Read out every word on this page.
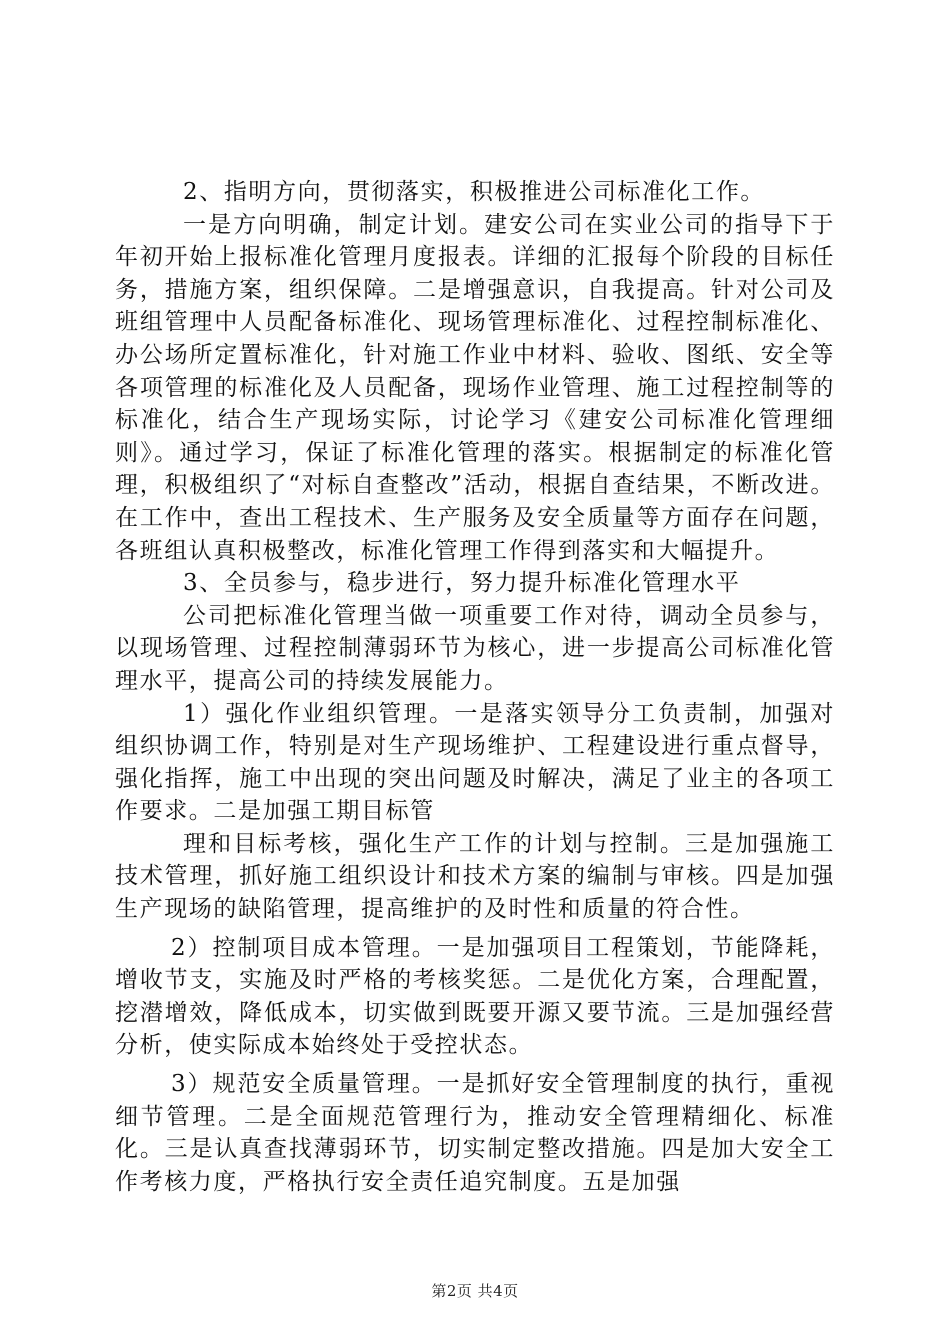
2、指明方向，贯彻落实，积极推进公司标准化工作。

一是方向明确，制定计划。建安公司在实业公司的指导下于年初开始上报标准化管理月度报表。详细的汇报每个阶段的目标任务，措施方案，组织保障。二是增强意识，自我提高。针对公司及班组管理中人员配备标准化、现场管理标准化、过程控制标准化、办公场所定置标准化，针对施工作业中材料、验收、图纸、安全等各项管理的标准化及人员配备，现场作业管理、施工过程控制等的标准化，结合生产现场实际，讨论学习《建安公司标准化管理细则》。通过学习，保证了标准化管理的落实。根据制定的标准化管理，积极组织了“对标自查整改”活动，根据自查结果，不断改进。在工作中，查出工程技术、生产服务及安全质量等方面存在问题，各班组认真积极整改，标准化管理工作得到落实和大幅提升。

3、全员参与，稳步进行，努力提升标准化管理水平

公司把标准化管理当做一项重要工作对待，调动全员参与，以现场管理、过程控制薄弱环节为核心，进一步提高公司标准化管理水平，提高公司的持续发展能力。

1）强化作业组织管理。一是落实领导分工负责制，加强对组织协调工作，特别是对生产现场维护、工程建设进行重点督导，强化指挥，施工中出现的突出问题及时解决，满足了业主的各项工作要求。二是加强工期目标管

理和目标考核，强化生产工作的计划与控制。三是加强施工技术管理，抓好施工组织设计和技术方案的编制与审核。四是加强生产现场的缺陷管理，提高维护的及时性和质量的符合性。

2）控制项目成本管理。一是加强项目工程策划，节能降耗，增收节支，实施及时严格的考核奖惩。二是优化方案，合理配置，挖潜增效，降低成本，切实做到既要开源又要节流。三是加强经营分析，使实际成本始终处于受控状态。

3）规范安全质量管理。一是抓好安全管理制度的执行，重视细节管理。二是全面规范管理行为，推动安全管理精细化、标准化。三是认真查找薄弱环节，切实制定整改措施。四是加大安全工作考核力度，严格执行安全责任追究制度。五是加强

第2页 共4页
